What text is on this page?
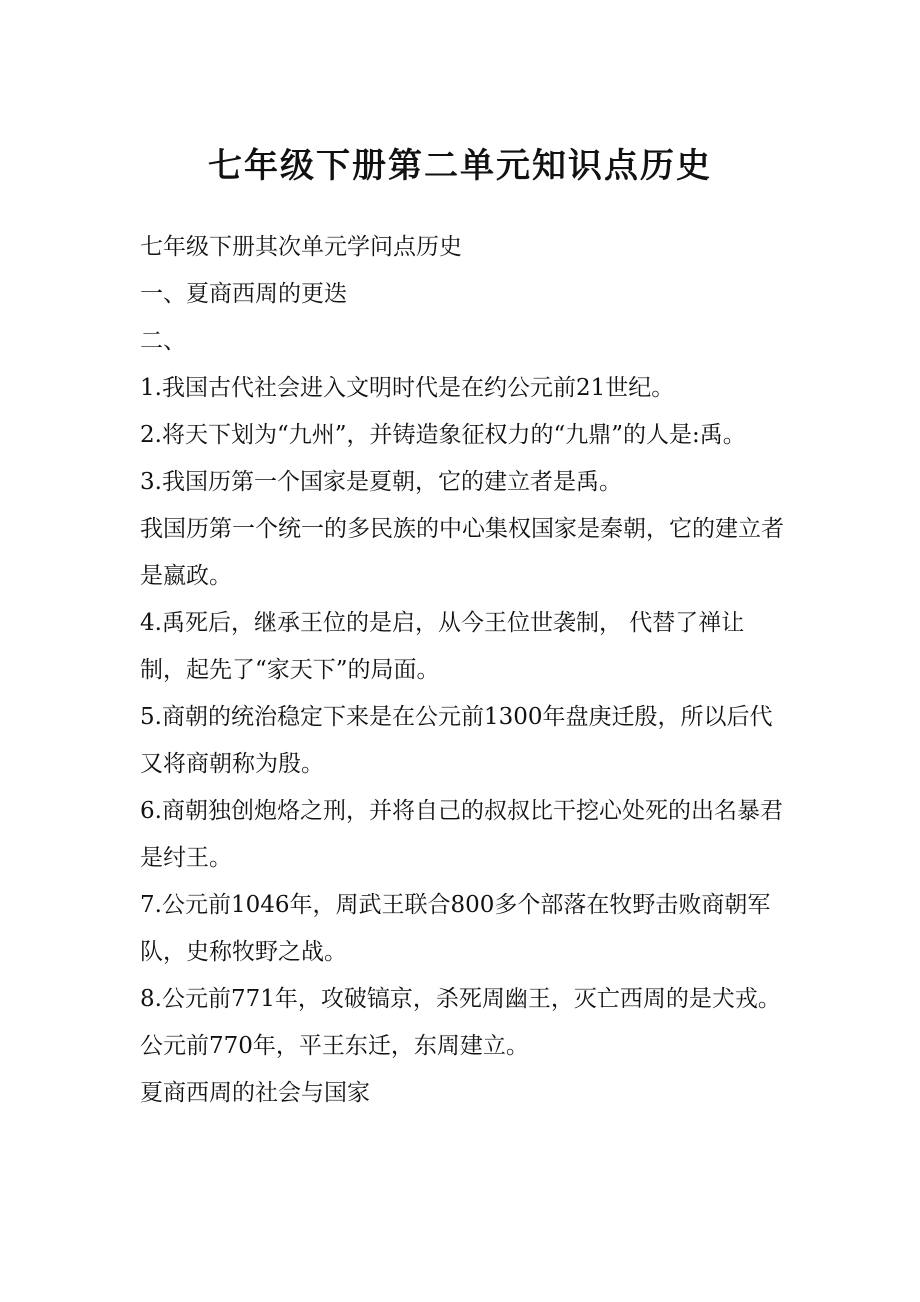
七年级下册第二单元知识点历史

七年级下册其次单元学问点历史

一、夏商西周的更迭

二、

1.我国古代社会进入文明时代是在约公元前21世纪。

2.将天下划为“九州”，并铸造象征权力的“九鼎”的人是:禹。

3.我国历第一个国家是夏朝，它的建立者是禹。

我国历第一个统一的多民族的中心集权国家是秦朝，它的建立者是嬴政。

4.禹死后，继承王位的是启，从今王位世袭制， 代替了禅让制，起先了“家天下”的局面。

5.商朝的统治稳定下来是在公元前1300年盘庚迁殷，所以后代又将商朝称为殷。

6.商朝独创炮烙之刑，并将自己的叔叔比干挖心处死的出名暴君是纣王。

7.公元前1046年，周武王联合800多个部落在牧野击败商朝军队，史称牧野之战。

8.公元前771年，攻破镐京，杀死周幽王，灭亡西周的是犬戎。公元前770年，平王东迁，东周建立。

夏商西周的社会与国家
